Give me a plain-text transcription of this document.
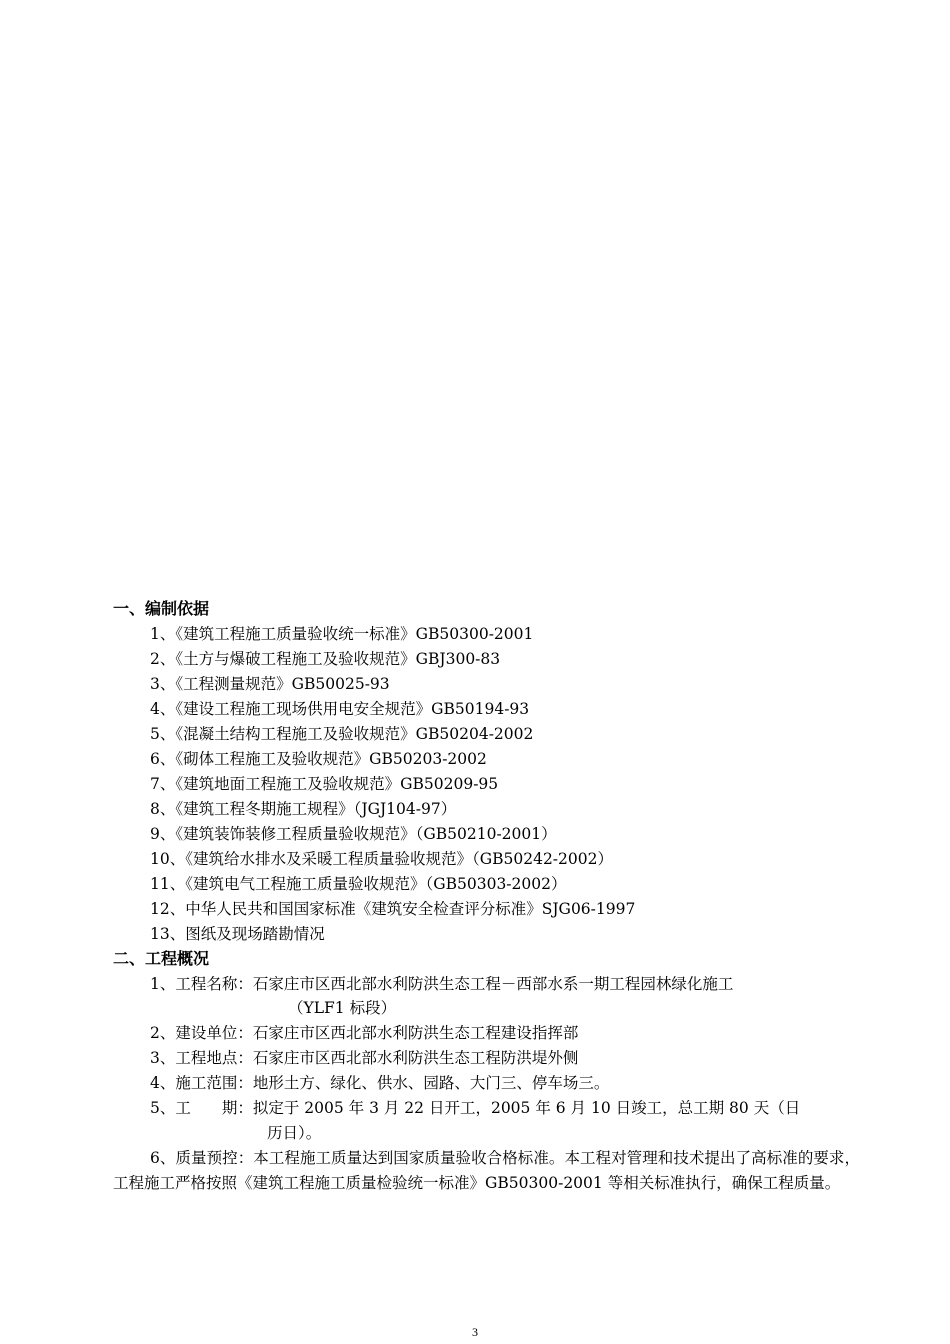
一、编制依据
1、《建筑工程施工质量验收统一标准》GB50300-2001
2、《土方与爆破工程施工及验收规范》GBJ300-83
3、《工程测量规范》GB50025-93
4、《建设工程施工现场供用电安全规范》GB50194-93
5、《混凝土结构工程施工及验收规范》GB50204-2002
6、《砌体工程施工及验收规范》GB50203-2002
7、《建筑地面工程施工及验收规范》GB50209-95
8、《建筑工程冬期施工规程》（JGJ104-97）
9、《建筑装饰装修工程质量验收规范》（GB50210-2001）
10、《建筑给水排水及采暖工程质量验收规范》（GB50242-2002）
11、《建筑电气工程施工质量验收规范》（GB50303-2002）
12、中华人民共和国国家标准《建筑安全检查评分标准》SJG06-1997
13、图纸及现场踏勘情况
二、工程概况
1、工程名称：石家庄市区西北部水利防洪生态工程－西部水系一期工程园林绿化施工
（YLF1 标段）
2、建设单位：石家庄市区西北部水利防洪生态工程建设指挥部
3、工程地点：石家庄市区西北部水利防洪生态工程防洪堤外侧
4、施工范围：地形土方、绿化、供水、园路、大门三、停车场三。
5、工　　期：拟定于 2005 年 3 月 22 日开工，2005 年 6 月 10 日竣工，总工期 80 天（日
历日）。
6、质量预控：本工程施工质量达到国家质量验收合格标准。本工程对管理和技术提出了高标准的要求，工程施工严格按照《建筑工程施工质量检验统一标准》GB50300-2001 等相关标准执行，确保工程质量。
3
